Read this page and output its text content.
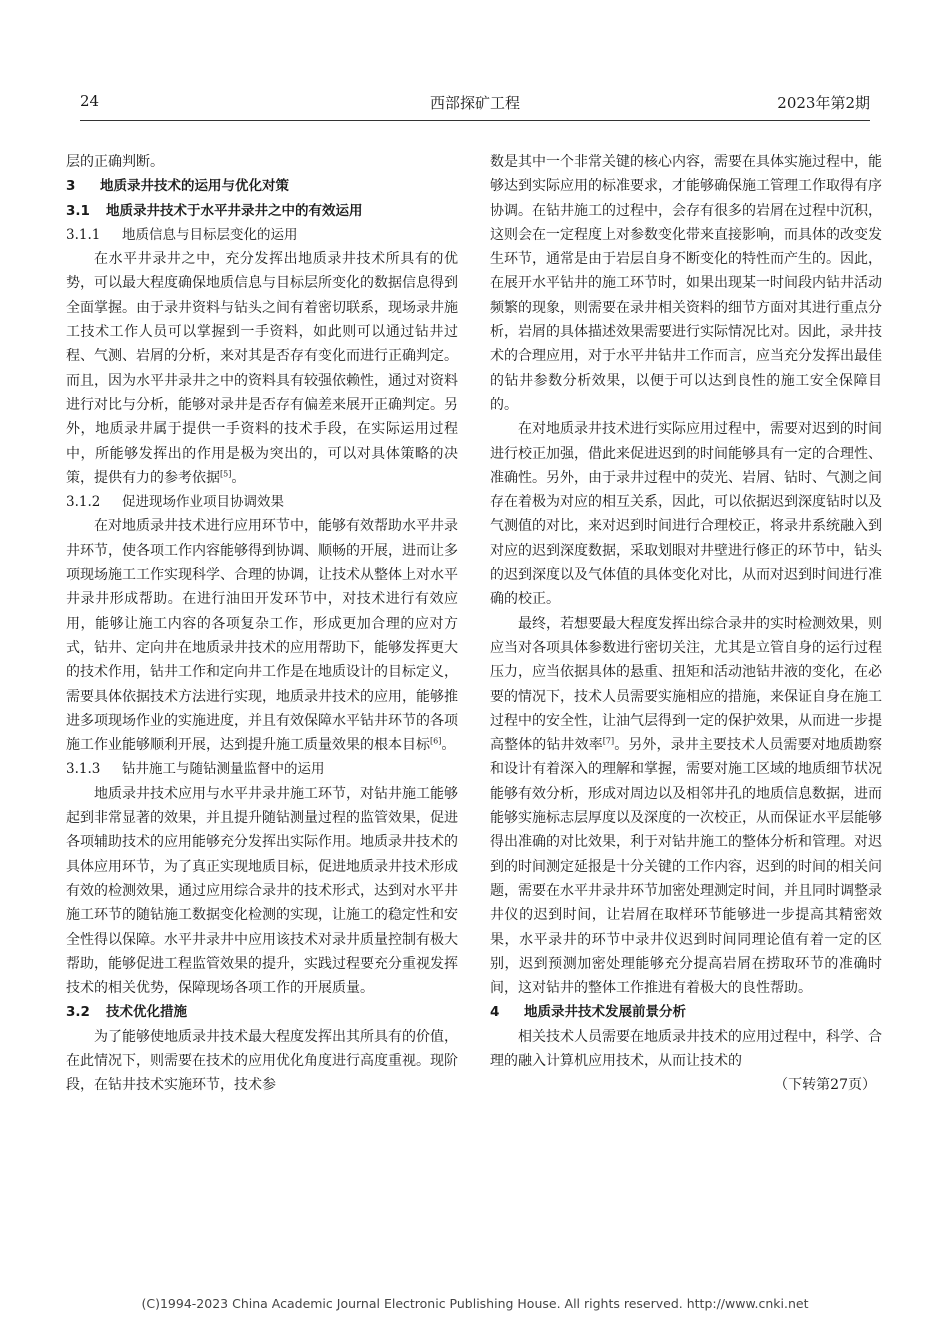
24	西部探矿工程	2023年第2期

层的正确判断。

3 地质录井技术的运用与优化对策

3.1 地质录井技术于水平井录井之中的有效运用

3.1.1 地质信息与目标层变化的运用

在水平井录井之中，充分发挥出地质录井技术所具有的优势，可以最大程度确保地质信息与目标层所变化的数据信息得到全面掌握。由于录井资料与钻头之间有着密切联系，现场录井施工技术工作人员可以掌握到一手资料，如此则可以通过钻井过程、气测、岩屑的分析，来对其是否存有变化而进行正确判定。而且，因为水平井录井之中的资料具有较强依赖性，通过对资料进行对比与分析，能够对录井是否存有偏差来展开正确判定。另外，地质录井属于提供一手资料的技术手段，在实际运用过程中，所能够发挥出的作用是极为突出的，可以对具体策略的决策，提供有力的参考依据[5]。

3.1.2 促进现场作业项目协调效果

在对地质录井技术进行应用环节中，能够有效帮助水平井录井环节，使各项工作内容能够得到协调、顺畅的开展，进而让多项现场施工工作实现科学、合理的协调，让技术从整体上对水平井录井形成帮助。在进行油田开发环节中，对技术进行有效应用，能够让施工内容的各项复杂工作，形成更加合理的应对方式，钻井、定向井在地质录井技术的应用帮助下，能够发挥更大的技术作用，钻井工作和定向井工作是在地质设计的目标定义，需要具体依据技术方法进行实现，地质录井技术的应用，能够推进多项现场作业的实施进度，并且有效保障水平钻井环节的各项施工作业能够顺利开展，达到提升施工质量效果的根本目标[6]。

3.1.3 钻井施工与随钻测量监督中的运用

地质录井技术应用与水平井录井施工环节，对钻井施工能够起到非常显著的效果，并且提升随钻测量过程的监管效果，促进各项辅助技术的应用能够充分发挥出实际作用。地质录井技术的具体应用环节，为了真正实现地质目标，促进地质录井技术形成有效的检测效果，通过应用综合录井的技术形式，达到对水平井施工环节的随钻施工数据变化检测的实现，让施工的稳定性和安全性得以保障。水平井录井中应用该技术对录井质量控制有极大帮助，能够促进工程监管效果的提升，实践过程要充分重视发挥技术的相关优势，保障现场各项工作的开展质量。

3.2 技术优化措施

为了能够使地质录井技术最大程度发挥出其所具有的价值，在此情况下，则需要在技术的应用优化角度进行高度重视。现阶段，在钻井技术实施环节，技术参

数是其中一个非常关键的核心内容，需要在具体实施过程中，能够达到实际应用的标准要求，才能够确保施工管理工作取得有序协调。在钻井施工的过程中，会存有很多的岩屑在过程中沉积，这则会在一定程度上对参数变化带来直接影响，而具体的改变发生环节，通常是由于岩层自身不断变化的特性而产生的。因此，在展开水平钻井的施工环节时，如果出现某一时间段内钻井活动频繁的现象，则需要在录井相关资料的细节方面对其进行重点分析，岩屑的具体描述效果需要进行实际情况比对。因此，录井技术的合理应用，对于水平井钻井工作而言，应当充分发挥出最佳的钻井参数分析效果，以便于可以达到良性的施工安全保障目的。

在对地质录井技术进行实际应用过程中，需要对迟到的时间进行校正加强，借此来促进迟到的时间能够具有一定的合理性、准确性。另外，由于录井过程中的荧光、岩屑、钻时、气测之间存在着极为对应的相互关系，因此，可以依据迟到深度钻时以及气测值的对比，来对迟到时间进行合理校正，将录井系统融入到对应的迟到深度数据，采取划眼对井壁进行修正的环节中，钻头的迟到深度以及气体值的具体变化对比，从而对迟到时间进行准确的校正。

最终，若想要最大程度发挥出综合录井的实时检测效果，则应当对各项具体参数进行密切关注，尤其是立管自身的运行过程压力，应当依据具体的悬重、扭矩和活动池钻井液的变化，在必要的情况下，技术人员需要实施相应的措施，来保证自身在施工过程中的安全性，让油气层得到一定的保护效果，从而进一步提高整体的钻井效率[7]。另外，录井主要技术人员需要对地质勘察和设计有着深入的理解和掌握，需要对施工区域的地质细节状况能够有效分析，形成对周边以及相邻井孔的地质信息数据，进而能够实施标志层厚度以及深度的一次校正，从而保证水平层能够得出准确的对比效果，利于对钻井施工的整体分析和管理。对迟到的时间测定延报是十分关键的工作内容，迟到的时间的相关问题，需要在水平井录井环节加密处理测定时间，并且同时调整录井仪的迟到时间，让岩屑在取样环节能够进一步提高其精密效果，水平录井的环节中录井仪迟到时间同理论值有着一定的区别，迟到预测加密处理能够充分提高岩屑在捞取环节的准确时间，这对钻井的整体工作推进有着极大的良性帮助。

4 地质录井技术发展前景分析

相关技术人员需要在地质录井技术的应用过程中，科学、合理的融入计算机应用技术，从而让技术的

（下转第27页）

(C)1994-2023 China Academic Journal Electronic Publishing House. All rights reserved. http://www.cnki.net
